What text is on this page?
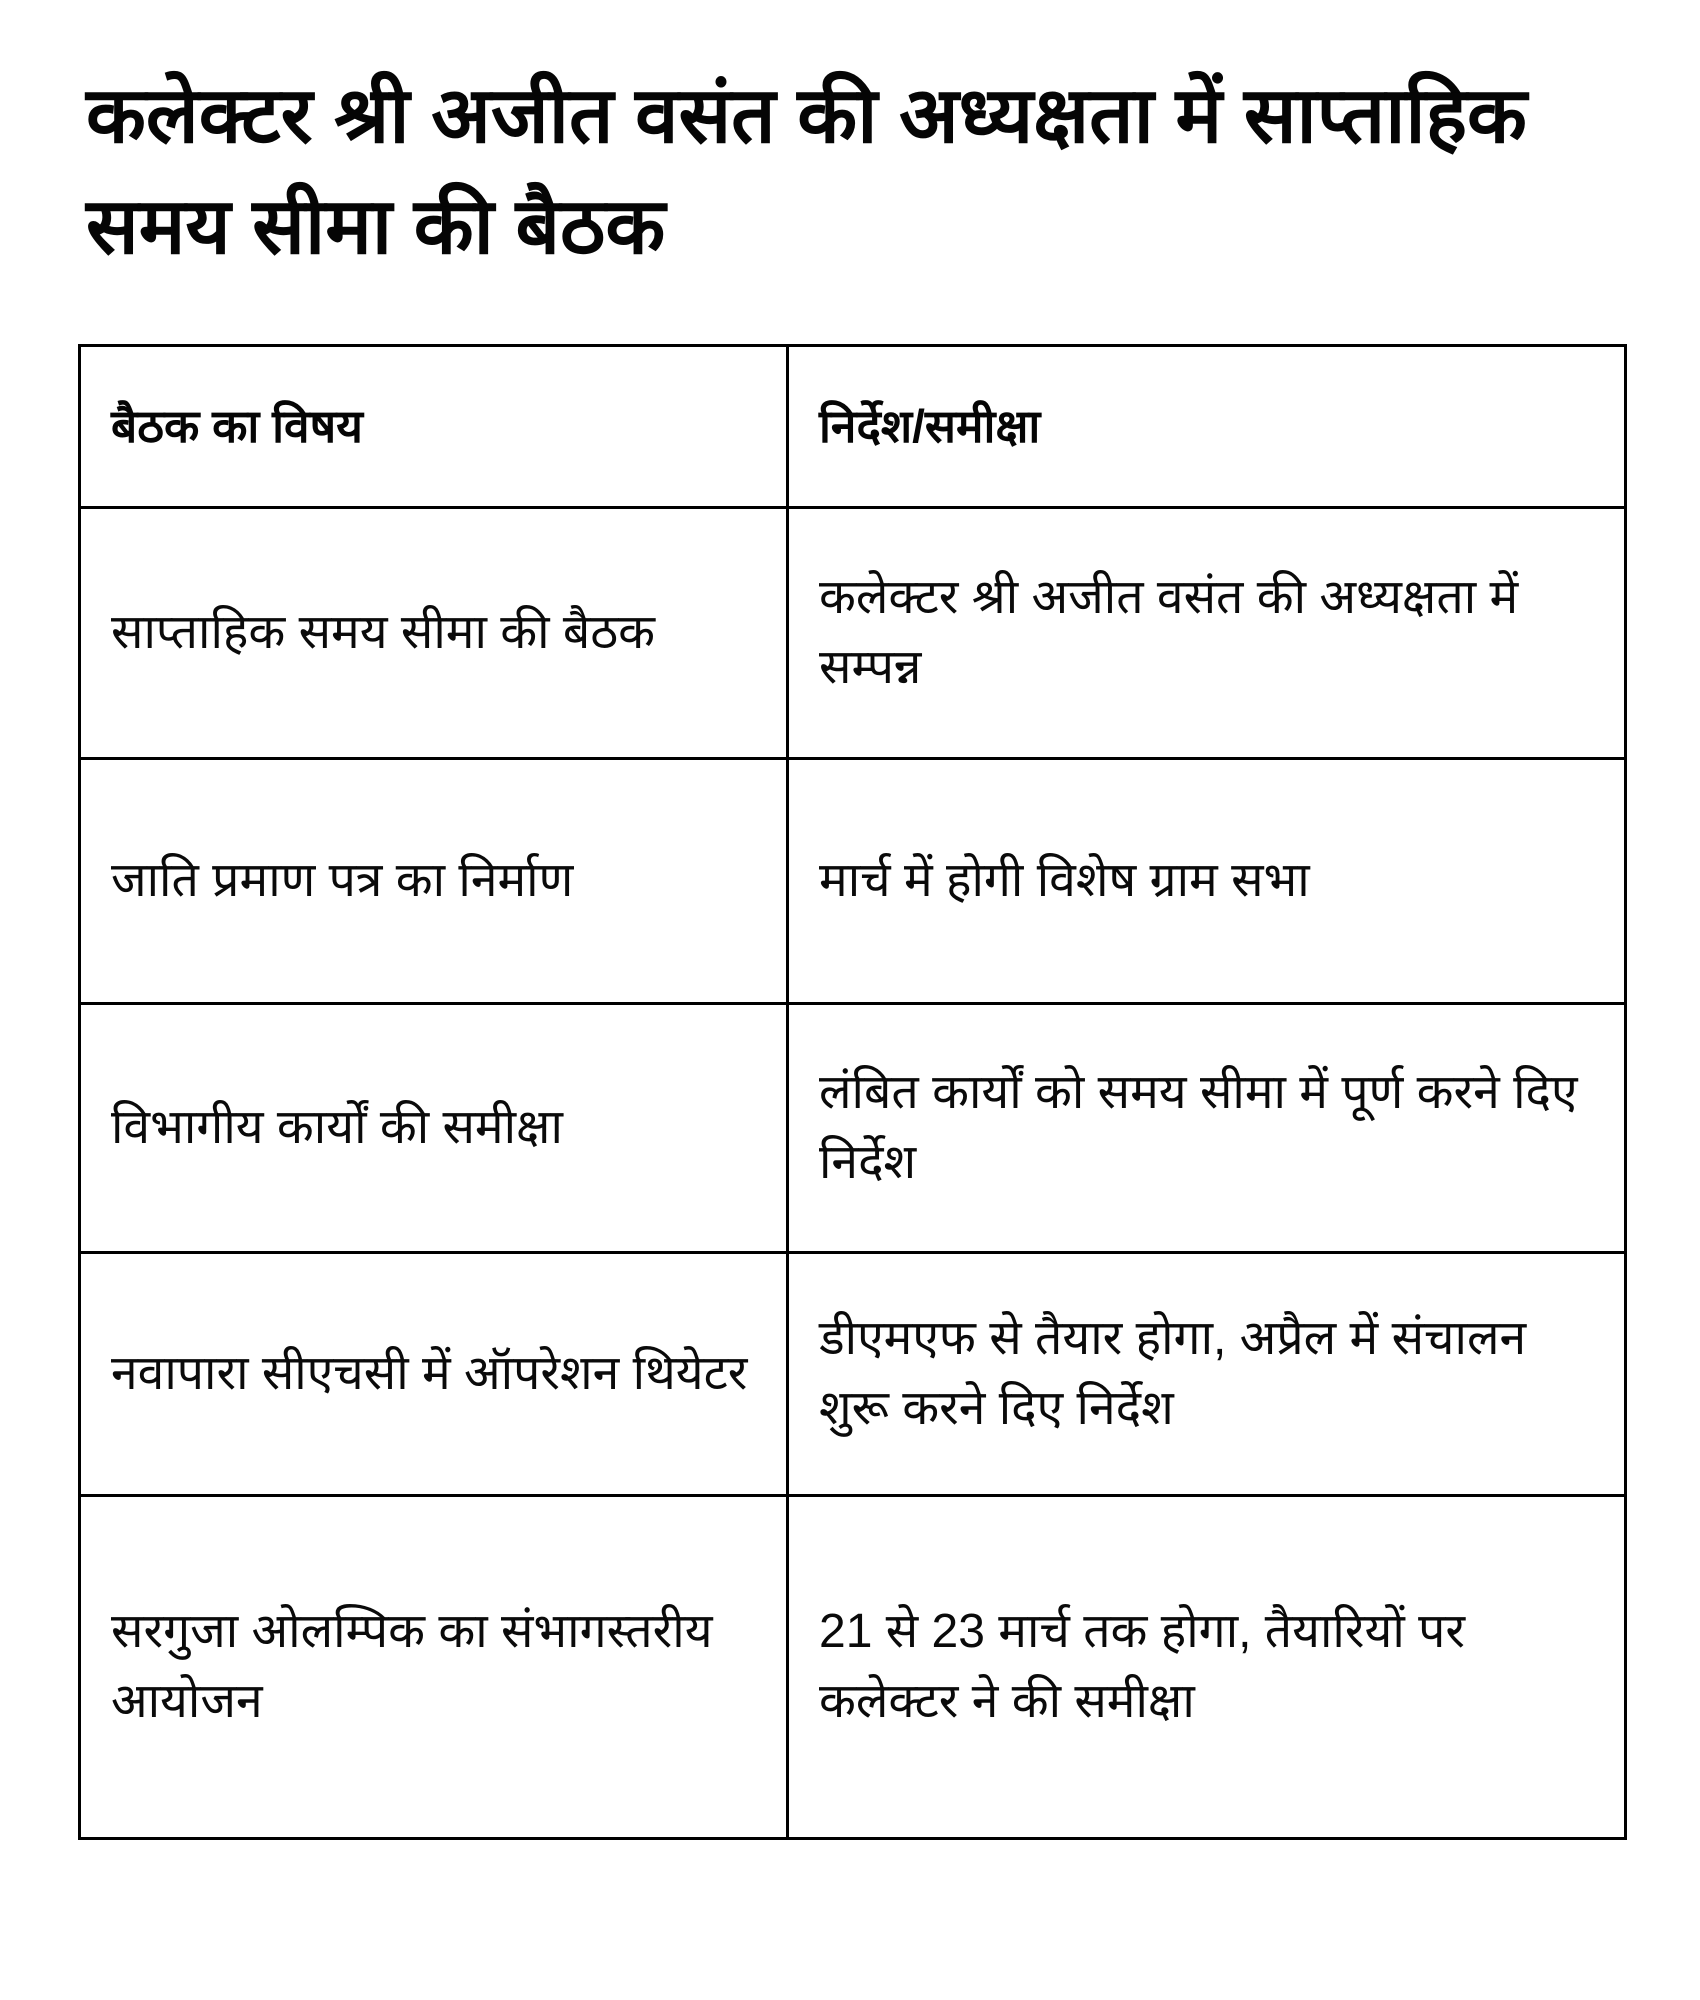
कलेक्टर श्री अजीत वसंत की अध्यक्षता में साप्ताहिक समय सीमा की बैठक
बैठक का विषय	निर्देश/समीक्षा
साप्ताहिक समय सीमा की बैठक	कलेक्टर श्री अजीत वसंत की अध्यक्षता में सम्पन्न
जाति प्रमाण पत्र का निर्माण	मार्च में होगी विशेष ग्राम सभा
विभागीय कार्यों की समीक्षा	लंबित कार्यों को समय सीमा में पूर्ण करने दिए निर्देश
नवापारा सीएचसी में ऑपरेशन थियेटर	डीएमएफ से तैयार होगा, अप्रैल में संचालन शुरू करने दिए निर्देश
सरगुजा ओलम्पिक का संभागस्तरीय आयोजन	21 से 23 मार्च तक होगा, तैयारियों पर कलेक्टर ने की समीक्षा
